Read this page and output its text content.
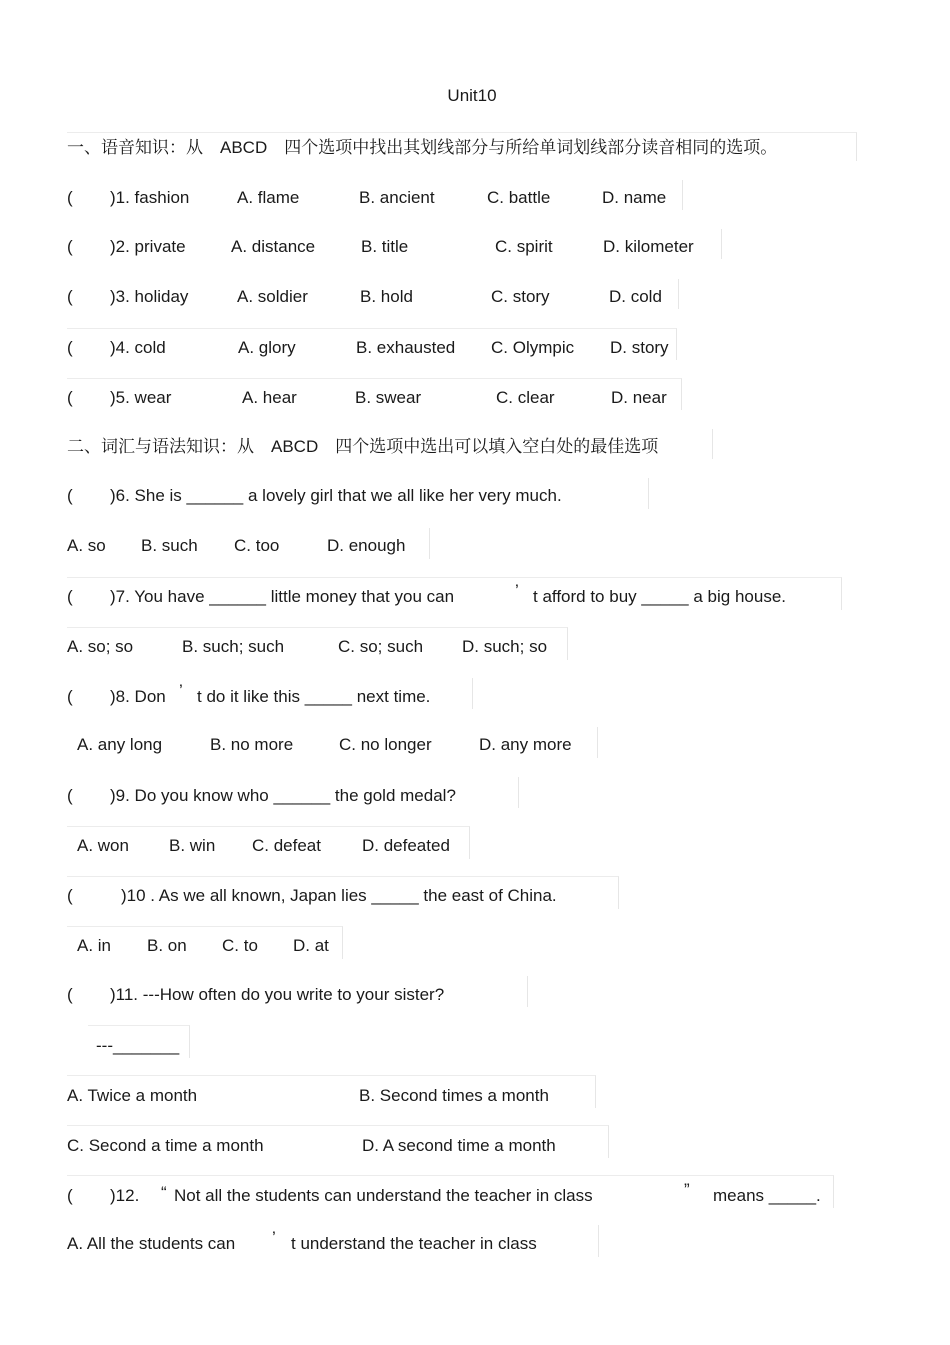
Unit10
一、语音知识：从　ABCD　四个选项中找出其划线部分与所给单词划线部分读音相同的选项。
( )1. fashion	A. flame	B. ancient	C. battle	D. name
( )2. private	A. distance	B. title	C. spirit	D. kilometer
( )3. holiday	A. soldier	B. hold	C. story	D. cold
( )4. cold	A. glory	B. exhausted C. Olympic D. story
( )5. wear	A. hear	B. swear	C. clear	D. near
二、词汇与语法知识：从　ABCD　四个选项中选出可以填入空白处的最佳选项
( )6. She is ______ a lovely girl that we all like her very much.
A. so B. such C. too	D. enough
( )7. You have ______ little money that you can	’ t afford to buy _____ a big house.
A. so; so	B. such; such	C. so; such D. such; so
( )8. Don ’ t do it like this _____ next time.
A. any long	B. no more	C. no longer	D. any more
( )9. Do you know who ______ the gold medal?
A. won B. win C. defeat D. defeated
(	)10 . As we all known, Japan lies _____ the east of China.
A. in B. on C. to D. at
( )11. ---How often do you write to your sister?
---_______
A. Twice a month	B. Second times a month
C. Second a time a month	D. A second time a month
( )12. “ Not all the students can understand the teacher in class	” means _____.
A. All the students can ’ t understand the teacher in class
